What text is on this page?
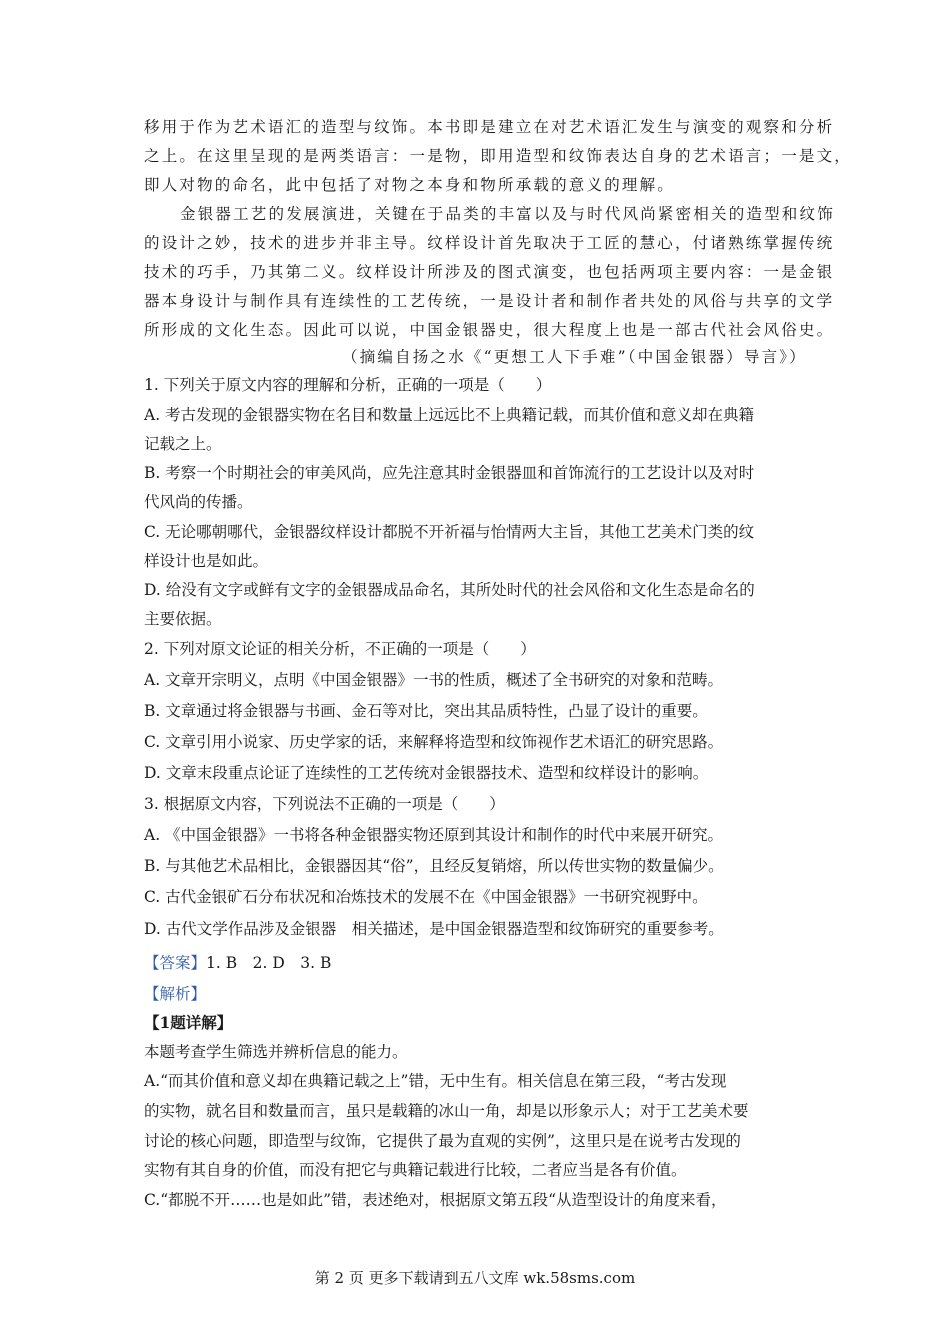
移用于作为艺术语汇的造型与纹饰。本书即是建立在对艺术语汇发生与演变的观察和分析
之上。在这里呈现的是两类语言：一是物，即用造型和纹饰表达自身的艺术语言；一是文，
即人对物的命名，此中包括了对物之本身和物所承载的意义的理解。
金银器工艺的发展演进，关键在于品类的丰富以及与时代风尚紧密相关的造型和纹饰
的设计之妙，技术的进步并非主导。纹样设计首先取决于工匠的慧心，付诸熟练掌握传统
技术的巧手，乃其第二义。纹样设计所涉及的图式演变，也包括两项主要内容：一是金银
器本身设计与制作具有连续性的工艺传统，一是设计者和制作者共处的风俗与共享的文学
所形成的文化生态。因此可以说，中国金银器史，很大程度上也是一部古代社会风俗史。
（摘编自扬之水《“更想工人下手难”（中国金银器）导言》）
1. 下列关于原文内容的理解和分析，正确的一项是（　　）
A. 考古发现的金银器实物在名目和数量上远远比不上典籍记载，而其价值和意义却在典籍
记载之上。
B. 考察一个时期社会的审美风尚，应先注意其时金银器皿和首饰流行的工艺设计以及对时
代风尚的传播。
C. 无论哪朝哪代，金银器纹样设计都脱不开祈福与怡情两大主旨，其他工艺美术门类的纹
样设计也是如此。
D. 给没有文字或鲜有文字的金银器成品命名，其所处时代的社会风俗和文化生态是命名的
主要依据。
2. 下列对原文论证的相关分析，不正确的一项是（　　）
A. 文章开宗明义，点明《中国金银器》一书的性质，概述了全书研究的对象和范畴。
B. 文章通过将金银器与书画、金石等对比，突出其品质特性，凸显了设计的重要。
C. 文章引用小说家、历史学家的话，来解释将造型和纹饰视作艺术语汇的研究思路。
D. 文章末段重点论证了连续性的工艺传统对金银器技术、造型和纹样设计的影响。
3. 根据原文内容，下列说法不正确的一项是（　　）
A. 《中国金银器》一书将各种金银器实物还原到其设计和制作的时代中来展开研究。
B. 与其他艺术品相比，金银器因其“俗”，且经反复销熔，所以传世实物的数量偏少。
C. 古代金银矿石分布状况和冶炼技术的发展不在《中国金银器》一书研究视野中。
D. 古代文学作品涉及金银器　相关描述，是中国金银器造型和纹饰研究的重要参考。
【答案】1. B　2. D　3. B
【解析】
【1题详解】
本题考查学生筛选并辨析信息的能力。
A.“而其价值和意义却在典籍记载之上”错，无中生有。相关信息在第三段，“考古发现
的实物，就名目和数量而言，虽只是载籍的冰山一角，却是以形象示人；对于工艺美术要
讨论的核心问题，即造型与纹饰，它提供了最为直观的实例”，这里只是在说考古发现的
实物有其自身的价值，而没有把它与典籍记载进行比较，二者应当是各有价值。
C.“都脱不开……也是如此”错，表述绝对，根据原文第五段“从造型设计的角度来看，
第 2 页 更多下载请到五八文库 wk.58sms.com
